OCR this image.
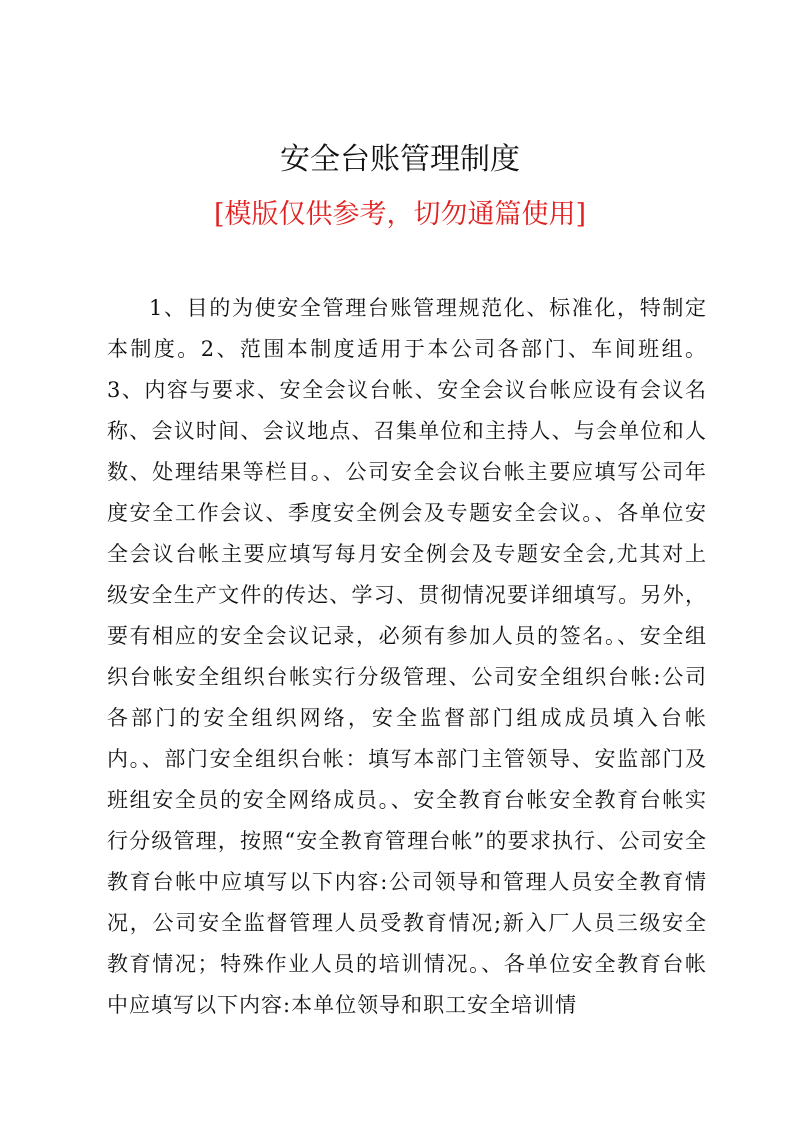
安全台账管理制度
[模版仅供参考，切勿通篇使用]

1、目的为使安全管理台账管理规范化、标准化，特制定本制度。2、范围本制度适用于本公司各部门、车间班组。3、内容与要求、安全会议台帐、安全会议台帐应设有会议名称、会议时间、会议地点、召集单位和主持人、与会单位和人数、处理结果等栏目。、公司安全会议台帐主要应填写公司年度安全工作会议、季度安全例会及专题安全会议。、各单位安全会议台帐主要应填写每月安全例会及专题安全会,尤其对上级安全生产文件的传达、学习、贯彻情况要详细填写。另外，要有相应的安全会议记录，必须有参加人员的签名。、安全组织台帐安全组织台帐实行分级管理、公司安全组织台帐:公司各部门的安全组织网络，安全监督部门组成成员填入台帐内。、部门安全组织台帐：填写本部门主管领导、安监部门及班组安全员的安全网络成员。、安全教育台帐安全教育台帐实行分级管理，按照“安全教育管理台帐”的要求执行、公司安全教育台帐中应填写以下内容:公司领导和管理人员安全教育情况，公司安全监督管理人员受教育情况;新入厂人员三级安全教育情况；特殊作业人员的培训情况。、各单位安全教育台帐中应填写以下内容:本单位领导和职工安全培训情
